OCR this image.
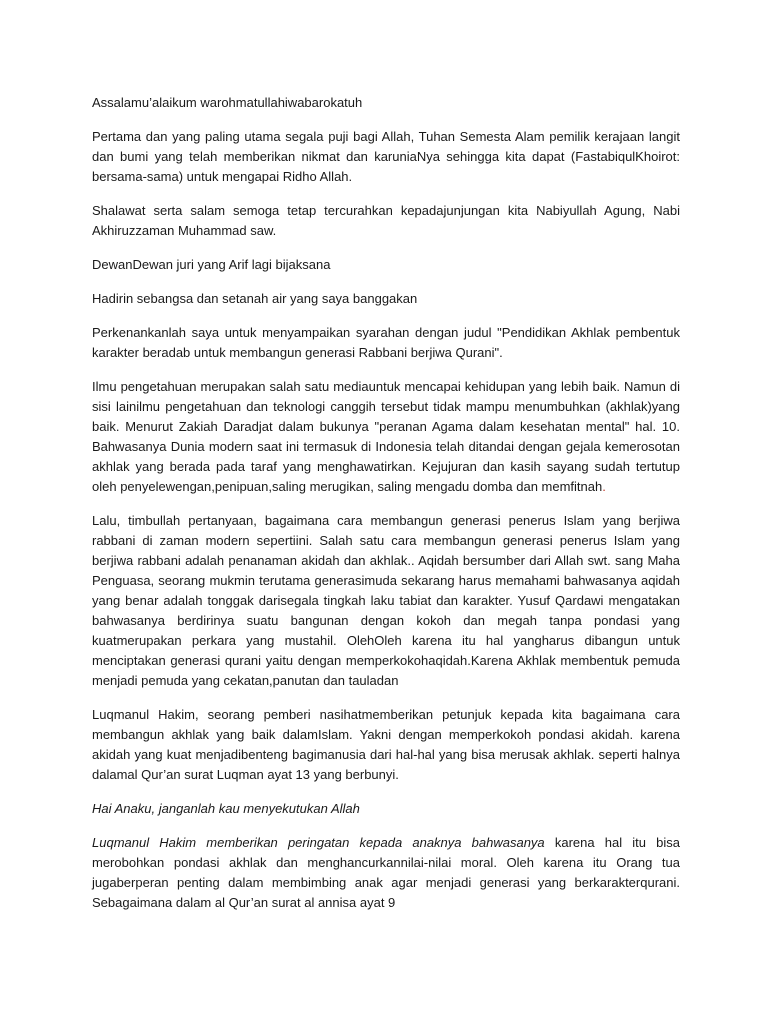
Assalamu’alaikum warohmatullahiwabarokatuh

Pertama dan yang paling utama segala puji bagi Allah, Tuhan Semesta Alam pemilik kerajaan langit dan bumi yang telah memberikan nikmat dan karuniaNya sehingga kita dapat (FastabiqulKhoirot: bersama-sama) untuk mengapai Ridho Allah.

Shalawat serta salam semoga tetap tercurahkan kepadajunjungan kita Nabiyullah Agung, Nabi Akhiruzzaman Muhammad saw.

DewanDewan juri yang Arif lagi bijaksana

Hadirin sebangsa dan setanah air yang saya banggakan

Perkenankanlah saya untuk menyampaikan syarahan dengan judul "Pendidikan Akhlak pembentuk karakter beradab untuk membangun generasi Rabbani berjiwa Qurani".

Ilmu pengetahuan merupakan salah satu mediauntuk mencapai kehidupan yang lebih baik. Namun di sisi lainilmu pengetahuan dan teknologi canggih tersebut tidak mampu menumbuhkan (akhlak)yang baik. Menurut Zakiah Daradjat dalam bukunya "peranan Agama dalam kesehatan mental" hal. 10. Bahwasanya Dunia modern saat ini termasuk di Indonesia telah ditandai dengan gejala kemerosotan akhlak yang berada pada taraf yang menghawatirkan. Kejujuran dan kasih sayang sudah tertutup oleh penyelewengan,penipuan,saling merugikan, saling mengadu domba dan memfitnah.

Lalu, timbullah pertanyaan, bagaimana cara membangun generasi penerus Islam yang berjiwa rabbani di zaman modern sepertiini. Salah satu cara membangun generasi penerus Islam yang berjiwa rabbani adalah penanaman akidah dan akhlak.. Aqidah bersumber dari Allah swt. sang Maha Penguasa, seorang mukmin terutama generasimuda sekarang harus memahami bahwasanya aqidah yang benar adalah tonggak darisegala tingkah laku tabiat dan karakter. Yusuf Qardawi mengatakan bahwasanya berdirinya suatu bangunan dengan kokoh dan megah tanpa pondasi yang kuatmerupakan perkara yang mustahil. OlehOleh karena itu hal yangharus dibangun untuk menciptakan generasi qurani yaitu dengan memperkokohaqidah.Karena Akhlak membentuk pemuda menjadi pemuda yang cekatan,panutan dan tauladan

Luqmanul Hakim, seorang pemberi nasihatmemberikan petunjuk kepada kita bagaimana cara membangun akhlak yang baik dalamIslam. Yakni dengan memperkokoh pondasi akidah. karena akidah yang kuat menjadibenteng bagimanusia dari hal-hal yang bisa merusak akhlak. seperti halnya dalamal Qur’an surat Luqman ayat 13 yang berbunyi.

Hai Anaku, janganlah kau menyekutukan Allah

Luqmanul Hakim memberikan peringatan kepada anaknya bahwasanya karena hal itu bisa merobohkan pondasi akhlak dan menghancurkannilai-nilai moral. Oleh karena itu Orang tua jugaberperan penting dalam membimbing anak agar menjadi generasi yang berkarakterqurani. Sebagaimana dalam al Qur’an surat al annisa ayat 9
